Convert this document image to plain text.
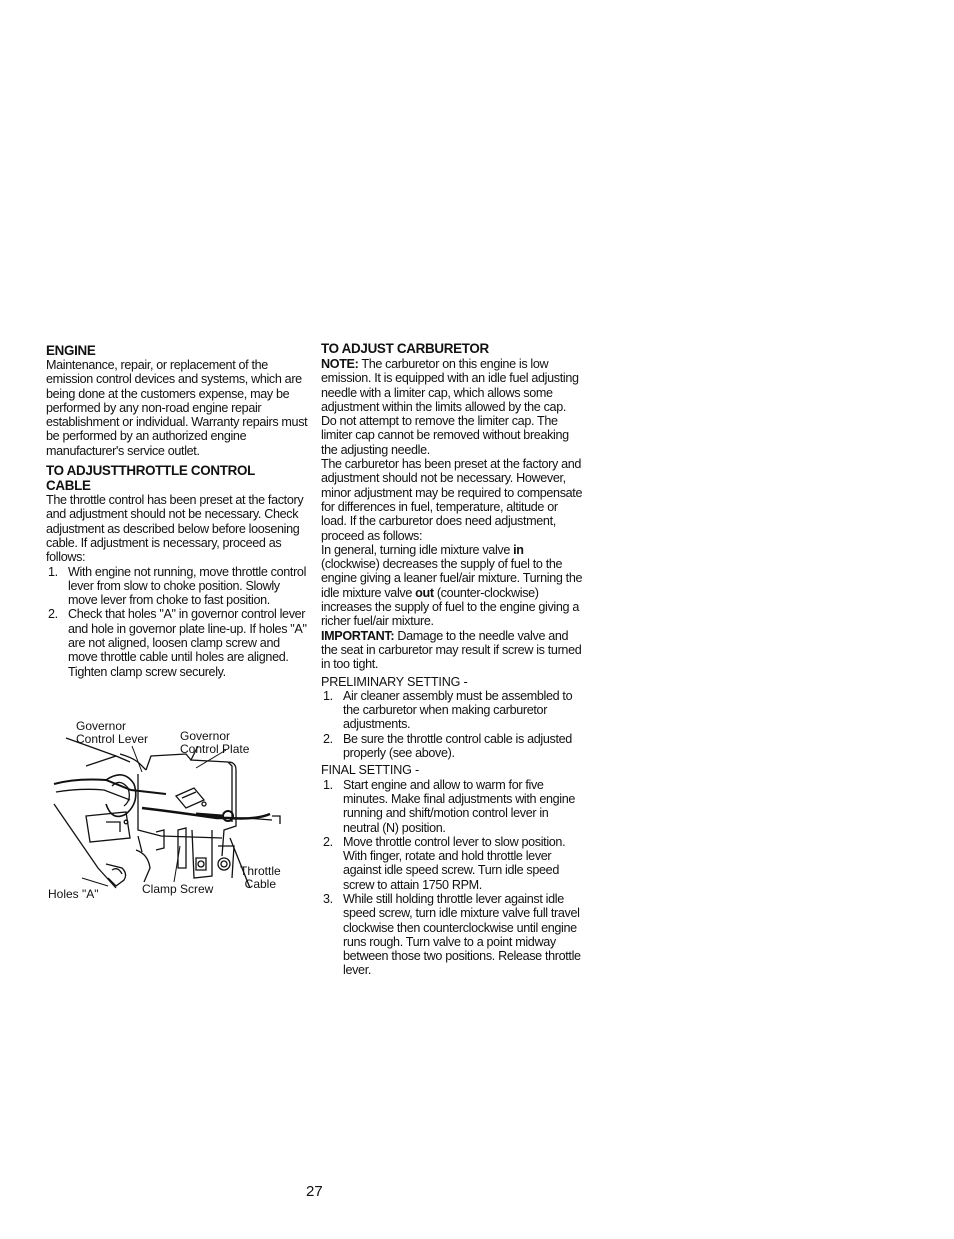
ENGINE

Maintenance, repair, or replacement of the emission control devices and systems, which are being done at the customers expense, may be performed by any non-road engine repair establishment or individual. Warranty repairs must be performed by an authorized engine manufacturer's service outlet.

TO ADJUSTTHROTTLE CONTROL CABLE

The throttle control has been preset at the factory and adjustment should not be necessary. Check adjustment as described below before loosening cable. If adjustment is necessary, proceed as follows:

1. With engine not running, move throttle control lever from slow to choke position. Slowly move lever from choke to fast position.
2. Check that holes "A" in governor control lever and hole in governor plate line-up. If holes "A" are not aligned, loosen clamp screw and move throttle cable until holes are aligned. Tighten clamp screw securely.
Governor
Control Lever	Governor
Control Plate
Throttle
Cable
Holes "A"	Clamp Screw
TO ADJUST CARBURETOR

NOTE: The carburetor on this engine is low emission. It is equipped with an idle fuel adjusting needle with a limiter cap, which allows some adjustment within the limits allowed by the cap. Do not attempt to remove the limiter cap. The limiter cap cannot be removed without breaking the adjusting needle.

The carburetor has been preset at the factory and adjustment should not be necessary. However, minor adjustment may be required to compensate for differences in fuel, temperature, altitude or load. If the carburetor does need adjustment, proceed as follows:

In general, turning idle mixture valve in (clockwise) decreases the supply of fuel to the engine giving a leaner fuel/air mixture. Turning the idle mixture valve out (counter-clockwise) increases the supply of fuel to the engine giving a richer fuel/air mixture.

IMPORTANT: Damage to the needle valve and the seat in carburetor may result if screw is turned in too tight.

PRELIMINARY SETTING -
1. Air cleaner assembly must be assembled to the carburetor when making carburetor adjustments.
2. Be sure the throttle control cable is adjusted properly (see above).
FINAL SETTING -
1. Start engine and allow to warm for five minutes. Make final adjustments with engine running and shift/motion control lever in neutral (N) position.
2. Move throttle control lever to slow position. With finger, rotate and hold throttle lever against idle speed screw. Turn idle speed screw to attain 1750 RPM.
3. While still holding throttle lever against idle speed screw, turn idle mixture valve full travel clockwise then counterclockwise until engine runs rough. Turn valve to a point midway between those two positions. Release throttle lever.
27
